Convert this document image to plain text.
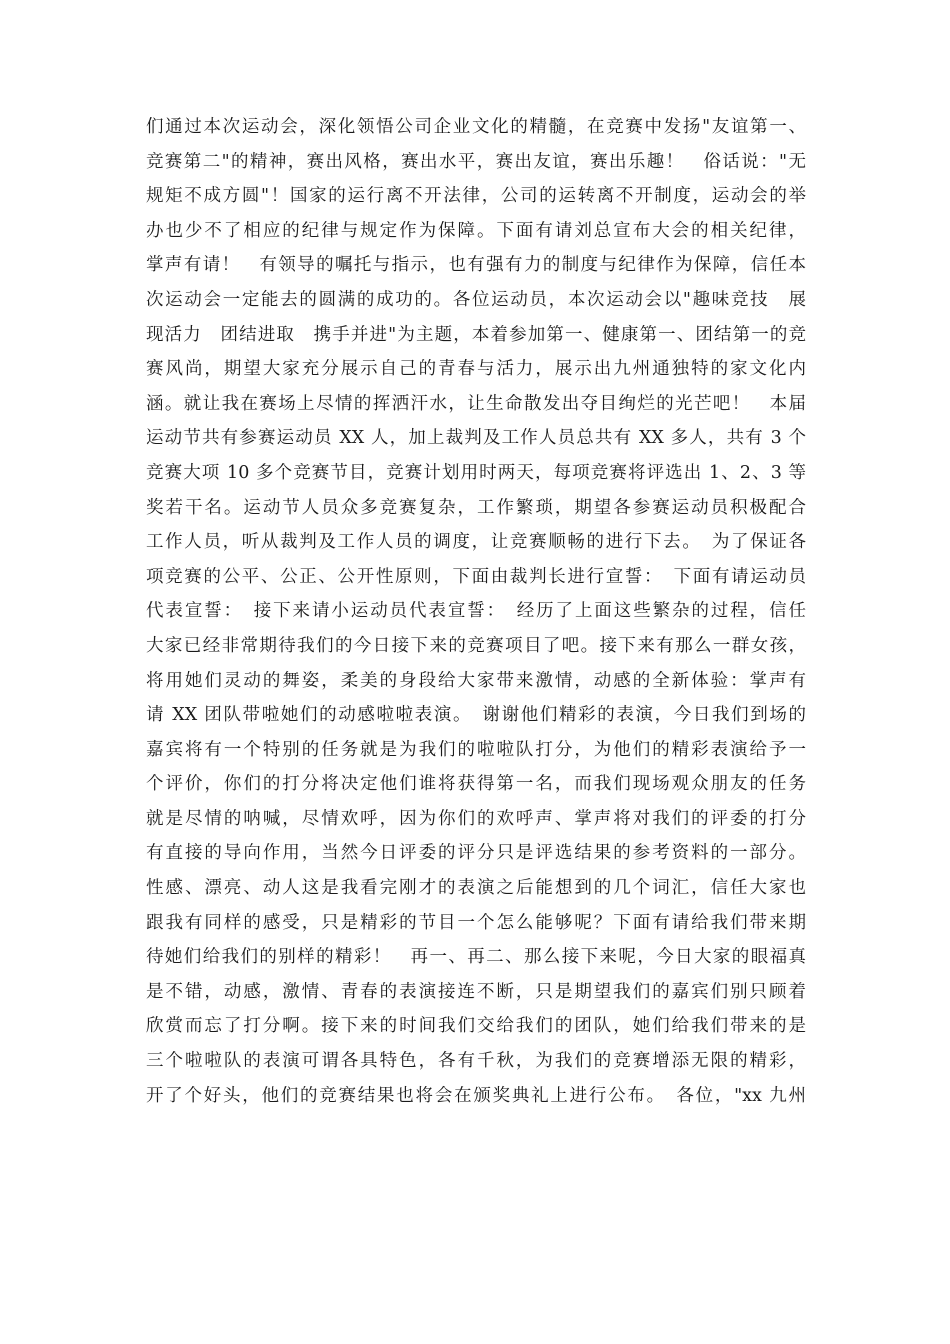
们通过本次运动会，深化领悟公司企业文化的精髓，在竞赛中发扬"友谊第一、
竞赛第二"的精神，赛出风格，赛出水平，赛出友谊，赛出乐趣！　俗话说："无
规矩不成方圆"！国家的运行离不开法律，公司的运转离不开制度，运动会的举
办也少不了相应的纪律与规定作为保障。下面有请刘总宣布大会的相关纪律，
掌声有请！　有领导的嘱托与指示，也有强有力的制度与纪律作为保障，信任本
次运动会一定能去的圆满的成功的。各位运动员，本次运动会以"趣味竞技　展
现活力　团结进取　携手并进"为主题，本着参加第一、健康第一、团结第一的竞
赛风尚，期望大家充分展示自己的青春与活力，展示出九州通独特的家文化内
涵。就让我在赛场上尽情的挥洒汗水，让生命散发出夺目绚烂的光芒吧！　本届
运动节共有参赛运动员 XX 人，加上裁判及工作人员总共有 XX 多人，共有 3 个
竞赛大项 10 多个竞赛节目，竞赛计划用时两天，每项竞赛将评选出 1、2、3 等
奖若干名。运动节人员众多竞赛复杂，工作繁琐，期望各参赛运动员积极配合
工作人员，听从裁判及工作人员的调度，让竞赛顺畅的进行下去。　为了保证各
项竞赛的公平、公正、公开性原则，下面由裁判长进行宣誓：　下面有请运动员
代表宣誓：　接下来请小运动员代表宣誓：　经历了上面这些繁杂的过程，信任
大家已经非常期待我们的今日接下来的竞赛项目了吧。接下来有那么一群女孩，
将用她们灵动的舞姿，柔美的身段给大家带来激情，动感的全新体验：掌声有
请 XX 团队带啦她们的动感啦啦表演。　谢谢他们精彩的表演，今日我们到场的
嘉宾将有一个特别的任务就是为我们的啦啦队打分，为他们的精彩表演给予一
个评价，你们的打分将决定他们谁将获得第一名，而我们现场观众朋友的任务
就是尽情的呐喊，尽情欢呼，因为你们的欢呼声、掌声将对我们的评委的打分
有直接的导向作用，当然今日评委的评分只是评选结果的参考资料的一部分。
性感、漂亮、动人这是我看完刚才的表演之后能想到的几个词汇，信任大家也
跟我有同样的感受，只是精彩的节目一个怎么能够呢？下面有请给我们带来期
待她们给我们的别样的精彩！　再一、再二、那么接下来呢，今日大家的眼福真
是不错，动感，激情、青春的表演接连不断，只是期望我们的嘉宾们别只顾着
欣赏而忘了打分啊。接下来的时间我们交给我们的团队，她们给我们带来的是
三个啦啦队的表演可谓各具特色，各有千秋，为我们的竞赛增添无限的精彩，
开了个好头，他们的竞赛结果也将会在颁奖典礼上进行公布。　各位，"xx 九州
